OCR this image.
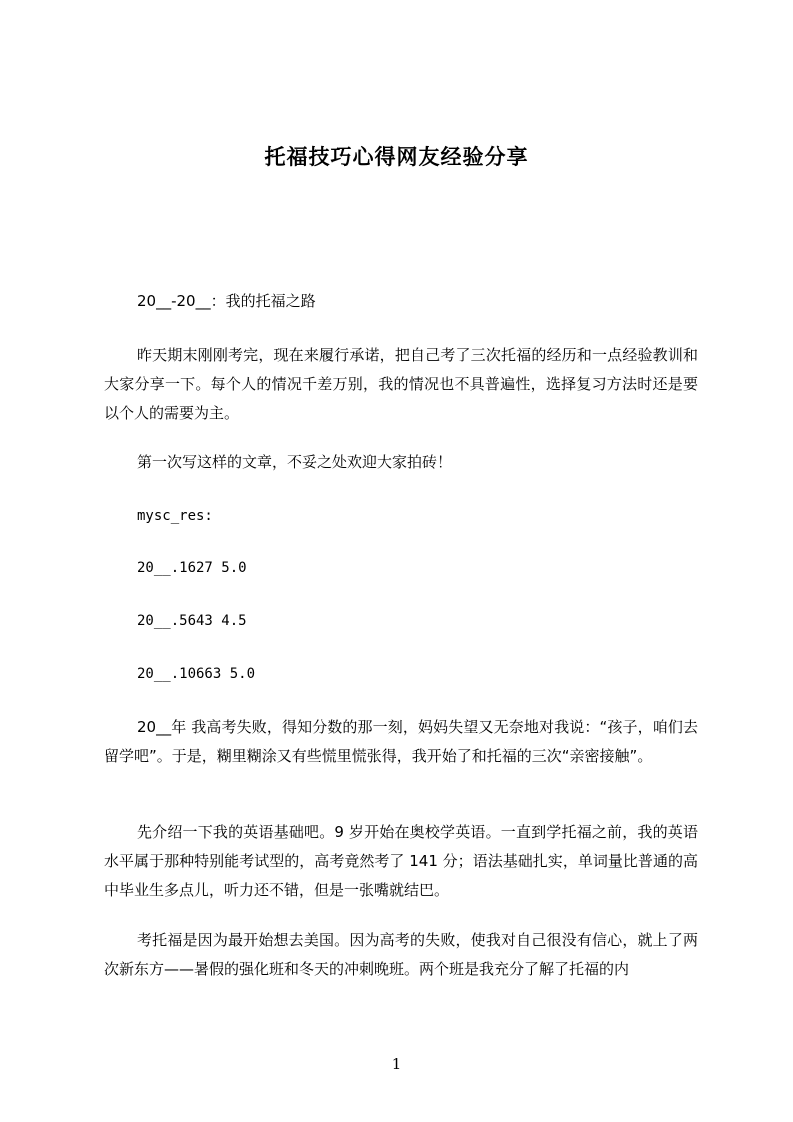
托福技巧心得网友经验分享
20__-20__：我的托福之路
昨天期末刚刚考完，现在来履行承诺，把自己考了三次托福的经历和一点经验教训和大家分享一下。每个人的情况千差万别，我的情况也不具普遍性，选择复习方法时还是要以个人的需要为主。
第一次写这样的文章，不妥之处欢迎大家拍砖！
mysc_res:
20__.1627 5.0
20__.5643 4.5
20__.10663 5.0
20__年 我高考失败，得知分数的那一刻，妈妈失望又无奈地对我说：“孩子，咱们去留学吧”。于是，糊里糊涂又有些慌里慌张得，我开始了和托福的三次“亲密接触”。
先介绍一下我的英语基础吧。9 岁开始在奥校学英语。一直到学托福之前，我的英语水平属于那种特别能考试型的，高考竟然考了 141 分；语法基础扎实，单词量比普通的高中毕业生多点儿，听力还不错，但是一张嘴就结巴。
考托福是因为最开始想去美国。因为高考的失败，使我对自己很没有信心，就上了两次新东方——暑假的强化班和冬天的冲刺晚班。两个班是我充分了解了托福的内
1
